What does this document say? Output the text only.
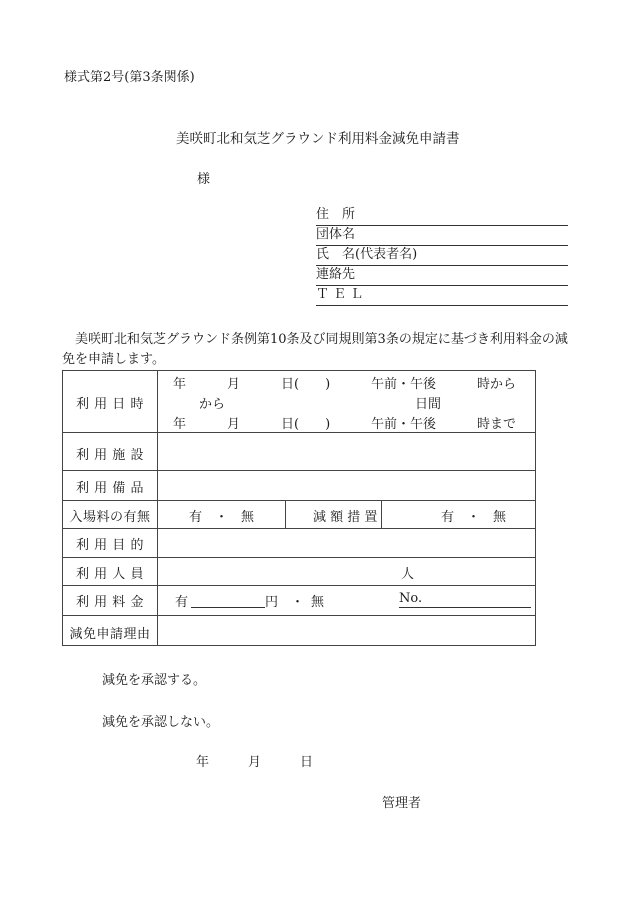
様式第2号(第3条関係)
美咲町北和気芝グラウンド利用料金減免申請書
様
住　所
団体名
氏　名(代表者名)
連絡先
Ｔ Ｅ Ｌ
　美咲町北和気芝グラウンド条例第10条及び同規則第3条の規定に基づき利用料金の減免を申請します。
利 用 日 時
年	月	日(　　)	午前・午後	時から
から	日間
年	月	日(　　)	午前・午後	時まで
利 用 施 設
利 用 備 品
入場料の有無	有　・　無	減 額 措 置	有　・　無
利 用 目 的
利 用 人 員	人
利 用 料 金	有	円 ・ 無	No.
減免申請理由
減免を承認する。
減免を承認しない。
年　　　月　　　日
管理者
